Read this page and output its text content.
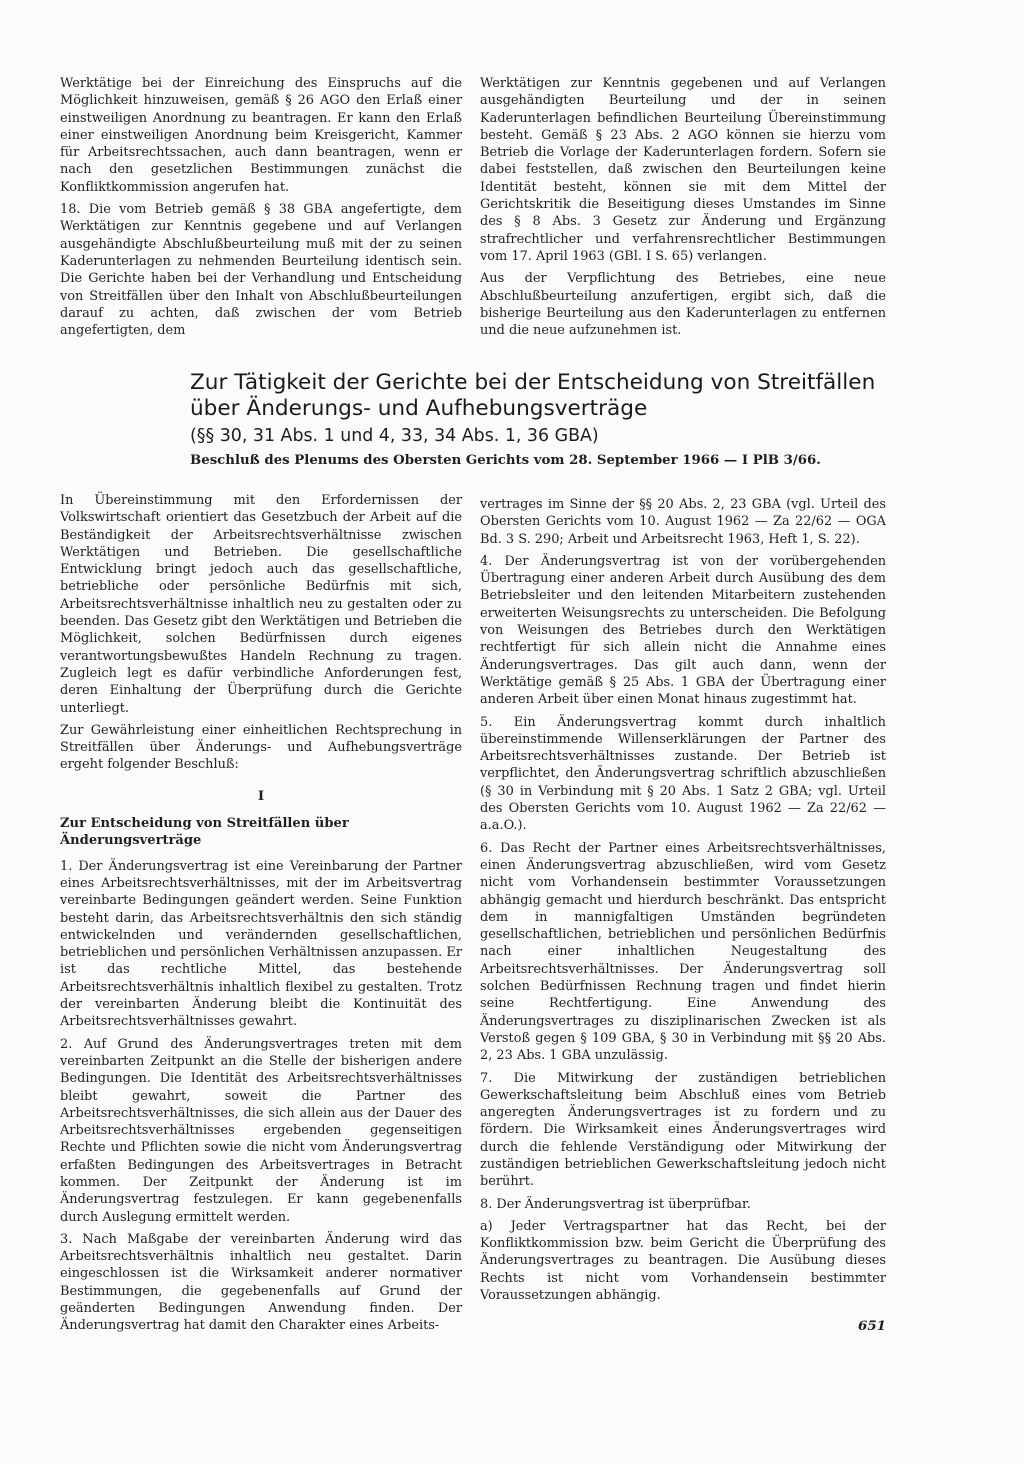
Werktätige bei der Einreichung des Einspruchs auf die Möglichkeit hinzuweisen, gemäß § 26 AGO den Erlaß einer einstweiligen Anordnung zu beantragen. Er kann den Erlaß einer einstweiligen Anordnung beim Kreisgericht, Kammer für Arbeitsrechtssachen, auch dann beantragen, wenn er nach den gesetzlichen Bestimmungen zunächst die Konfliktkommission angerufen hat.

18. Die vom Betrieb gemäß § 38 GBA angefertigte, dem Werktätigen zur Kenntnis gegebene und auf Verlangen ausgehändigte Abschlußbeurteilung muß mit der zu seinen Kaderunterlagen zu nehmenden Beurteilung identisch sein. Die Gerichte haben bei der Verhandlung und Entscheidung von Streitfällen über den Inhalt von Abschlußbeurteilungen darauf zu achten, daß zwischen der vom Betrieb angefertigten, dem

Werktätigen zur Kenntnis gegebenen und auf Verlangen ausgehändigten Beurteilung und der in seinen Kaderunterlagen befindlichen Beurteilung Übereinstimmung besteht. Gemäß § 23 Abs. 2 AGO können sie hierzu vom Betrieb die Vorlage der Kaderunterlagen fordern. Sofern sie dabei feststellen, daß zwischen den Beurteilungen keine Identität besteht, können sie mit dem Mittel der Gerichtskritik die Beseitigung dieses Umstandes im Sinne des § 8 Abs. 3 Gesetz zur Änderung und Ergänzung strafrechtlicher und verfahrensrechtlicher Bestimmungen vom 17. April 1963 (GBl. I S. 65) verlangen.

Aus der Verpflichtung des Betriebes, eine neue Abschlußbeurteilung anzufertigen, ergibt sich, daß die bisherige Beurteilung aus den Kaderunterlagen zu entfernen und die neue aufzunehmen ist.

Zur Tätigkeit der Gerichte bei der Entscheidung von Streitfällen
über Änderungs- und Aufhebungsverträge
(§§ 30, 31 Abs. 1 und 4, 33, 34 Abs. 1, 36 GBA)
Beschluß des Plenums des Obersten Gerichts vom 28. September 1966 — I PlB 3/66.

In Übereinstimmung mit den Erfordernissen der Volkswirtschaft orientiert das Gesetzbuch der Arbeit auf die Beständigkeit der Arbeitsrechtsverhältnisse zwischen Werktätigen und Betrieben. Die gesellschaftliche Entwicklung bringt jedoch auch das gesellschaftliche, betriebliche oder persönliche Bedürfnis mit sich, Arbeitsrechtsverhältnisse inhaltlich neu zu gestalten oder zu beenden. Das Gesetz gibt den Werktätigen und Betrieben die Möglichkeit, solchen Bedürfnissen durch eigenes verantwortungsbewußtes Handeln Rechnung zu tragen. Zugleich legt es dafür verbindliche Anforderungen fest, deren Einhaltung der Überprüfung durch die Gerichte unterliegt.

Zur Gewährleistung einer einheitlichen Rechtsprechung in Streitfällen über Änderungs- und Aufhebungsverträge ergeht folgender Beschluß:

I
Zur Entscheidung von Streitfällen über Änderungsverträge

1. Der Änderungsvertrag ist eine Vereinbarung der Partner eines Arbeitsrechtsverhältnisses, mit der im Arbeitsvertrag vereinbarte Bedingungen geändert werden. Seine Funktion besteht darin, das Arbeitsrechtsverhältnis den sich ständig entwickelnden und verändernden gesellschaftlichen, betrieblichen und persönlichen Verhältnissen anzupassen. Er ist das rechtliche Mittel, das bestehende Arbeitsrechtsverhältnis inhaltlich flexibel zu gestalten. Trotz der vereinbarten Änderung bleibt die Kontinuität des Arbeitsrechtsverhältnisses gewahrt.

2. Auf Grund des Änderungsvertrages treten mit dem vereinbarten Zeitpunkt an die Stelle der bisherigen andere Bedingungen. Die Identität des Arbeitsrechtsverhältnisses bleibt gewahrt, soweit die Partner des Arbeitsrechtsverhältnisses, die sich allein aus der Dauer des Arbeitsrechtsverhältnisses ergebenden gegenseitigen Rechte und Pflichten sowie die nicht vom Änderungsvertrag erfaßten Bedingungen des Arbeitsvertrages in Betracht kommen. Der Zeitpunkt der Änderung ist im Änderungsvertrag festzulegen. Er kann gegebenenfalls durch Auslegung ermittelt werden.

3. Nach Maßgabe der vereinbarten Änderung wird das Arbeitsrechtsverhältnis inhaltlich neu gestaltet. Darin eingeschlossen ist die Wirksamkeit anderer normativer Bestimmungen, die gegebenenfalls auf Grund der geänderten Bedingungen Anwendung finden. Der Änderungsvertrag hat damit den Charakter eines Arbeits-

vertrages im Sinne der §§ 20 Abs. 2, 23 GBA (vgl. Urteil des Obersten Gerichts vom 10. August 1962 — Za 22/62 — OGA Bd. 3 S. 290; Arbeit und Arbeitsrecht 1963, Heft 1, S. 22).

4. Der Änderungsvertrag ist von der vorübergehenden Übertragung einer anderen Arbeit durch Ausübung des dem Betriebsleiter und den leitenden Mitarbeitern zustehenden erweiterten Weisungsrechts zu unterscheiden. Die Befolgung von Weisungen des Betriebes durch den Werktätigen rechtfertigt für sich allein nicht die Annahme eines Änderungsvertrages. Das gilt auch dann, wenn der Werktätige gemäß § 25 Abs. 1 GBA der Übertragung einer anderen Arbeit über einen Monat hinaus zugestimmt hat.

5. Ein Änderungsvertrag kommt durch inhaltlich übereinstimmende Willenserklärungen der Partner des Arbeitsrechtsverhältnisses zustande. Der Betrieb ist verpflichtet, den Änderungsvertrag schriftlich abzuschließen (§ 30 in Verbindung mit § 20 Abs. 1 Satz 2 GBA; vgl. Urteil des Obersten Gerichts vom 10. August 1962 — Za 22/62 — a.a.O.).

6. Das Recht der Partner eines Arbeitsrechtsverhältnisses, einen Änderungsvertrag abzuschließen, wird vom Gesetz nicht vom Vorhandensein bestimmter Voraussetzungen abhängig gemacht und hierdurch beschränkt. Das entspricht dem in mannigfaltigen Umständen begründeten gesellschaftlichen, betrieblichen und persönlichen Bedürfnis nach einer inhaltlichen Neugestaltung des Arbeitsrechtsverhältnisses. Der Änderungsvertrag soll solchen Bedürfnissen Rechnung tragen und findet hierin seine Rechtfertigung. Eine Anwendung des Änderungsvertrages zu disziplinarischen Zwecken ist als Verstoß gegen § 109 GBA, § 30 in Verbindung mit §§ 20 Abs. 2, 23 Abs. 1 GBA unzulässig.

7. Die Mitwirkung der zuständigen betrieblichen Gewerkschaftsleitung beim Abschluß eines vom Betrieb angeregten Änderungsvertrages ist zu fordern und zu fördern. Die Wirksamkeit eines Änderungsvertrages wird durch die fehlende Verständigung oder Mitwirkung der zuständigen betrieblichen Gewerkschaftsleitung jedoch nicht berührt.

8. Der Änderungsvertrag ist überprüfbar.

a) Jeder Vertragspartner hat das Recht, bei der Konfliktkommission bzw. beim Gericht die Überprüfung des Änderungsvertrages zu beantragen. Die Ausübung dieses Rechts ist nicht vom Vorhandensein bestimmter Voraussetzungen abhängig.

651
